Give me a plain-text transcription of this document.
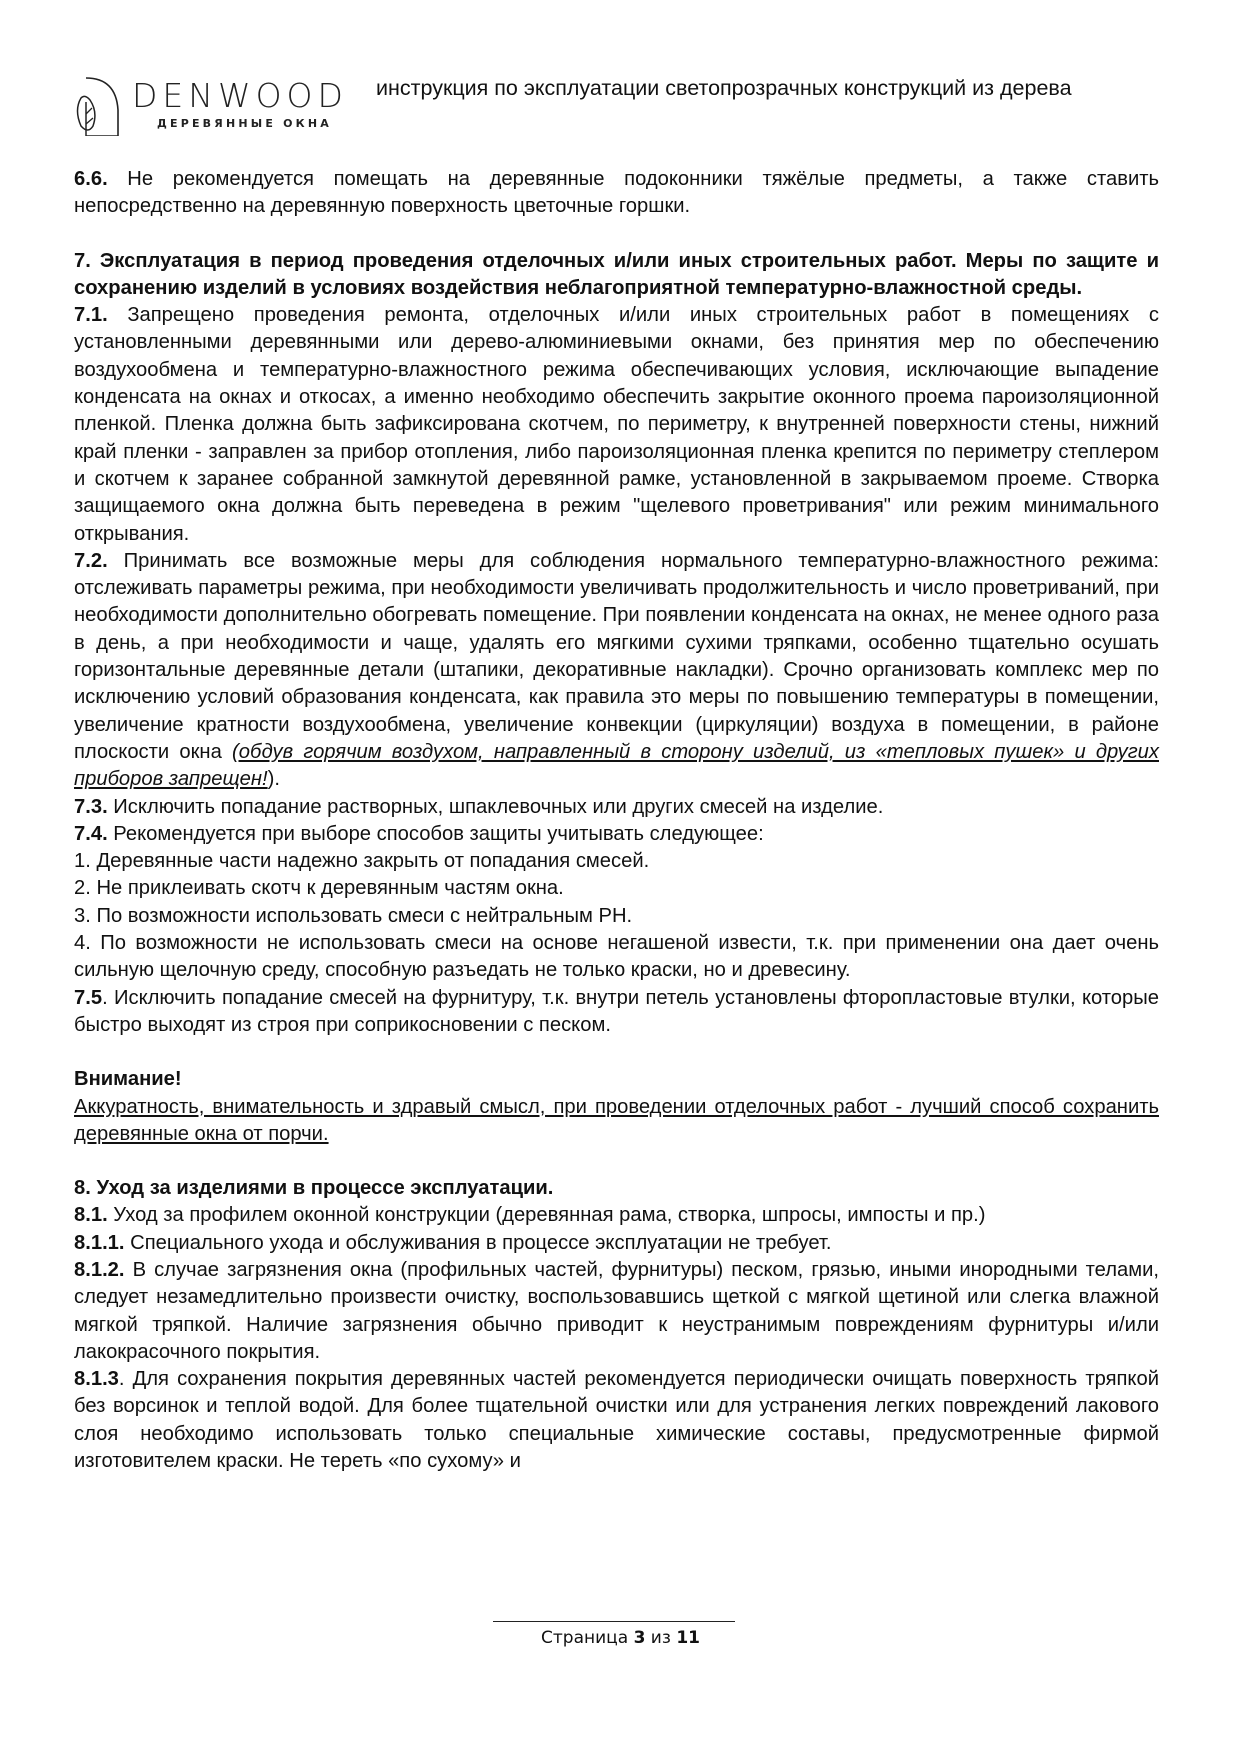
DENWOOD
ДЕРЕВЯННЫЕ ОКНА
инструкция по эксплуатации светопрозрачных конструкций из дерева

6.6. Не рекомендуется помещать на деревянные подоконники тяжёлые предметы, а также ставить непосредственно на деревянную поверхность цветочные горшки.

7. Эксплуатация в период проведения отделочных и/или иных строительных работ. Меры по защите и сохранению изделий в условиях воздействия неблагоприятной температурно-влажностной среды.

7.1. Запрещено проведения ремонта, отделочных и/или иных строительных работ в помещениях с установленными деревянными или дерево-алюминиевыми окнами, без принятия мер по обеспечению воздухообмена и температурно-влажностного режима обеспечивающих условия, исключающие выпадение конденсата на окнах и откосах, а именно необходимо обеспечить закрытие оконного проема пароизоляционной пленкой. Пленка должна быть зафиксирована скотчем, по периметру, к внутренней поверхности стены, нижний край пленки - заправлен за прибор отопления, либо пароизоляционная пленка крепится по периметру степлером и скотчем к заранее собранной замкнутой деревянной рамке, установленной в закрываемом проеме. Створка защищаемого окна должна быть переведена в режим "щелевого проветривания" или режим минимального открывания.

7.2. Принимать все возможные меры для соблюдения нормального температурно-влажностного режима: отслеживать параметры режима, при необходимости увеличивать продолжительность и число проветриваний, при необходимости дополнительно обогревать помещение. При появлении конденсата на окнах, не менее одного раза в день, а при необходимости и чаще, удалять его мягкими сухими тряпками, особенно тщательно осушать горизонтальные деревянные детали (штапики, декоративные накладки). Срочно организовать комплекс мер по исключению условий образования конденсата, как правила это меры по повышению температуры в помещении, увеличение кратности воздухообмена, увеличение конвекции (циркуляции) воздуха в помещении, в районе плоскости окна (обдув горячим воздухом, направленный в сторону изделий, из «тепловых пушек» и других приборов запрещен!).

7.3. Исключить попадание растворных, шпаклевочных или других смесей на изделие.

7.4. Рекомендуется при выборе способов защиты учитывать следующее:

1. Деревянные части надежно закрыть от попадания смесей.

2. Не приклеивать скотч к деревянным частям окна.

3. По возможности использовать смеси с нейтральным РН.

4. По возможности не использовать смеси на основе негашеной извести, т.к. при применении она дает очень сильную щелочную среду, способную разъедать не только краски, но и древесину.

7.5. Исключить попадание смесей на фурнитуру, т.к. внутри петель установлены фторопластовые втулки, которые быстро выходят из строя при соприкосновении с песком.

Внимание!

Аккуратность, внимательность и здравый смысл, при проведении отделочных работ - лучший способ сохранить деревянные окна от порчи.

8. Уход за изделиями в процессе эксплуатации.

8.1. Уход за профилем оконной конструкции (деревянная рама, створка, шпросы, импосты и пр.)

8.1.1. Специального ухода и обслуживания в процессе эксплуатации не требует.

8.1.2. В случае загрязнения окна (профильных частей, фурнитуры) песком, грязью, иными инородными телами, следует незамедлительно произвести очистку, воспользовавшись щеткой с мягкой щетиной или слегка влажной мягкой тряпкой. Наличие загрязнения обычно приводит к неустранимым повреждениям фурнитуры и/или лакокрасочного покрытия.

8.1.3. Для сохранения покрытия деревянных частей рекомендуется периодически очищать поверхность тряпкой без ворсинок и теплой водой. Для более тщательной очистки или для устранения легких повреждений лакового слоя необходимо использовать только специальные химические составы, предусмотренные фирмой изготовителем краски. Не тереть «по сухому» и

Страница 3 из 11
